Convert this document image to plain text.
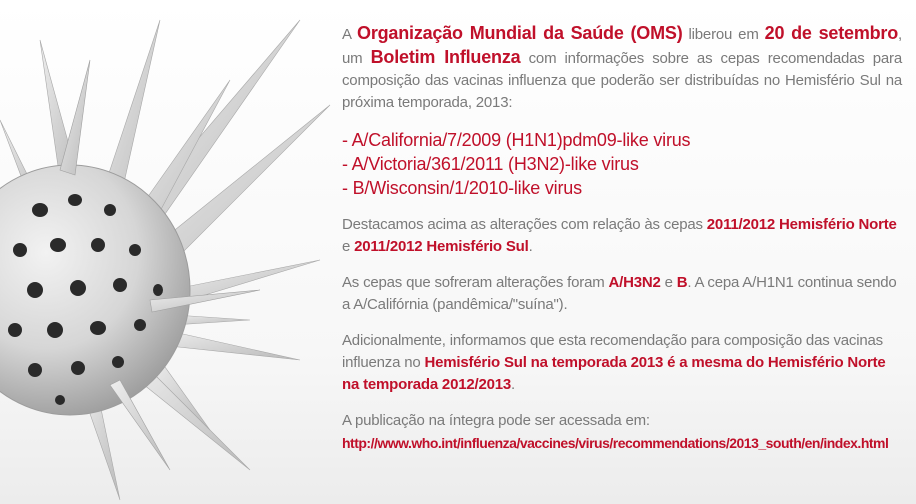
A Organização Mundial da Saúde (OMS) liberou em 20 de setembro, um Boletim Influenza com informações sobre as cepas recomendadas para composição das vacinas influenza que poderão ser distribuídas no Hemisfério Sul na próxima temporada, 2013:

- A/California/7/2009 (H1N1)pdm09-like virus
- A/Victoria/361/2011 (H3N2)-like virus
- B/Wisconsin/1/2010-like virus

Destacamos acima as alterações com relação às cepas 2011/2012 Hemisfério Norte e 2011/2012 Hemisfério Sul.

As cepas que sofreram alterações foram A/H3N2 e B. A cepa A/H1N1 continua sendo a A/Califórnia (pandêmica/"suína").

Adicionalmente, informamos que esta recomendação para composição das vacinas influenza no Hemisfério Sul na temporada 2013 é a mesma do Hemisfério Norte na temporada 2012/2013.

A publicação na íntegra pode ser acessada em:
http://www.who.int/influenza/vaccines/virus/recommendations/2013_south/en/index.html
